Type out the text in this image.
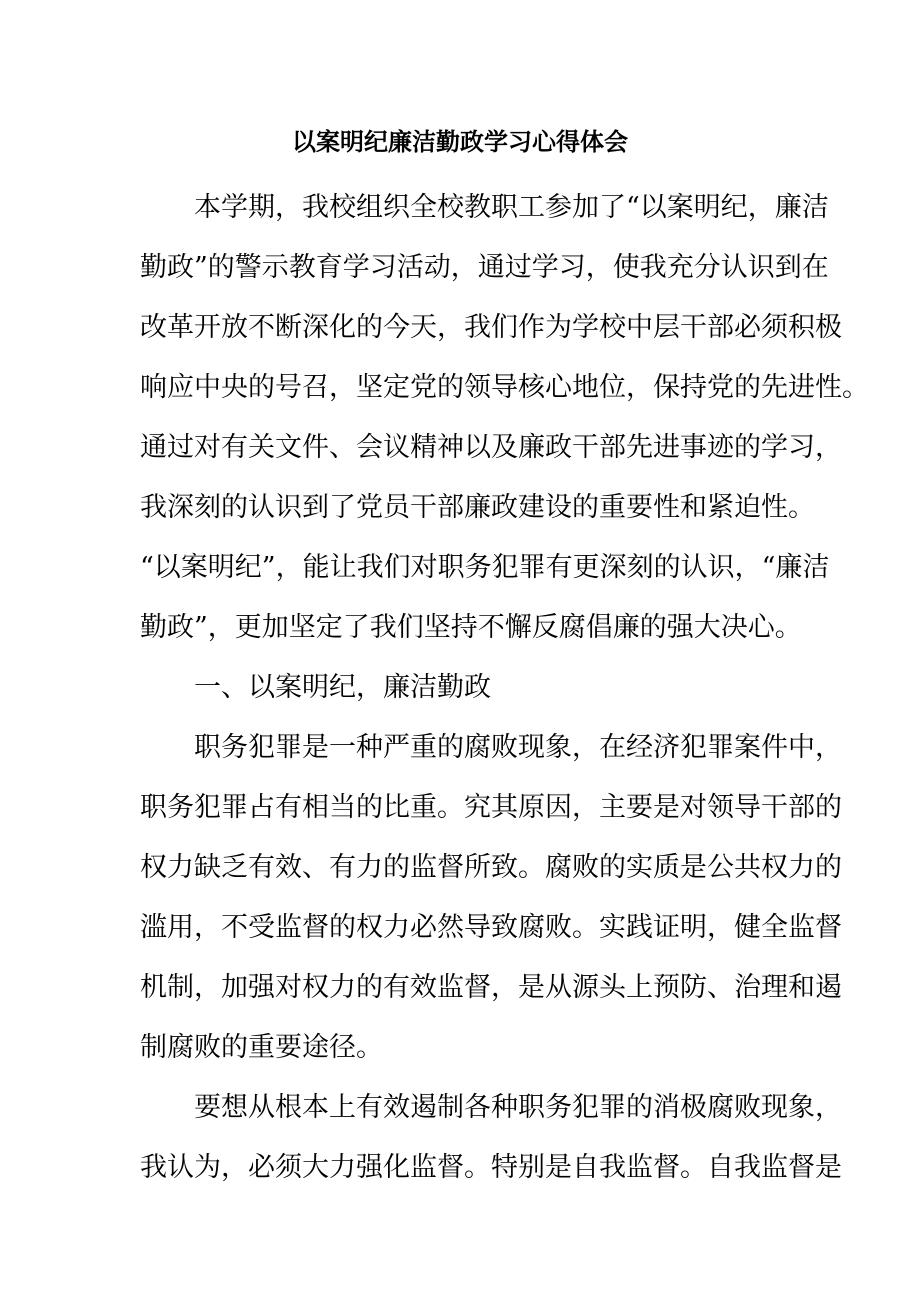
以案明纪廉洁勤政学习心得体会
本学期，我校组织全校教职工参加了“以案明纪，廉洁
勤政”的警示教育学习活动，通过学习，使我充分认识到在
改革开放不断深化的今天，我们作为学校中层干部必须积极
响应中央的号召，坚定党的领导核心地位，保持党的先进性。
通过对有关文件、会议精神以及廉政干部先进事迹的学习，
我深刻的认识到了党员干部廉政建设的重要性和紧迫性。
“以案明纪”，能让我们对职务犯罪有更深刻的认识，“廉洁
勤政”，更加坚定了我们坚持不懈反腐倡廉的强大决心。
一、以案明纪，廉洁勤政
职务犯罪是一种严重的腐败现象，在经济犯罪案件中，
职务犯罪占有相当的比重。究其原因，主要是对领导干部的
权力缺乏有效、有力的监督所致。腐败的实质是公共权力的
滥用，不受监督的权力必然导致腐败。实践证明，健全监督
机制，加强对权力的有效监督，是从源头上预防、治理和遏
制腐败的重要途径。
要想从根本上有效遏制各种职务犯罪的消极腐败现象，
我认为，必须大力强化监督。特别是自我监督。自我监督是
